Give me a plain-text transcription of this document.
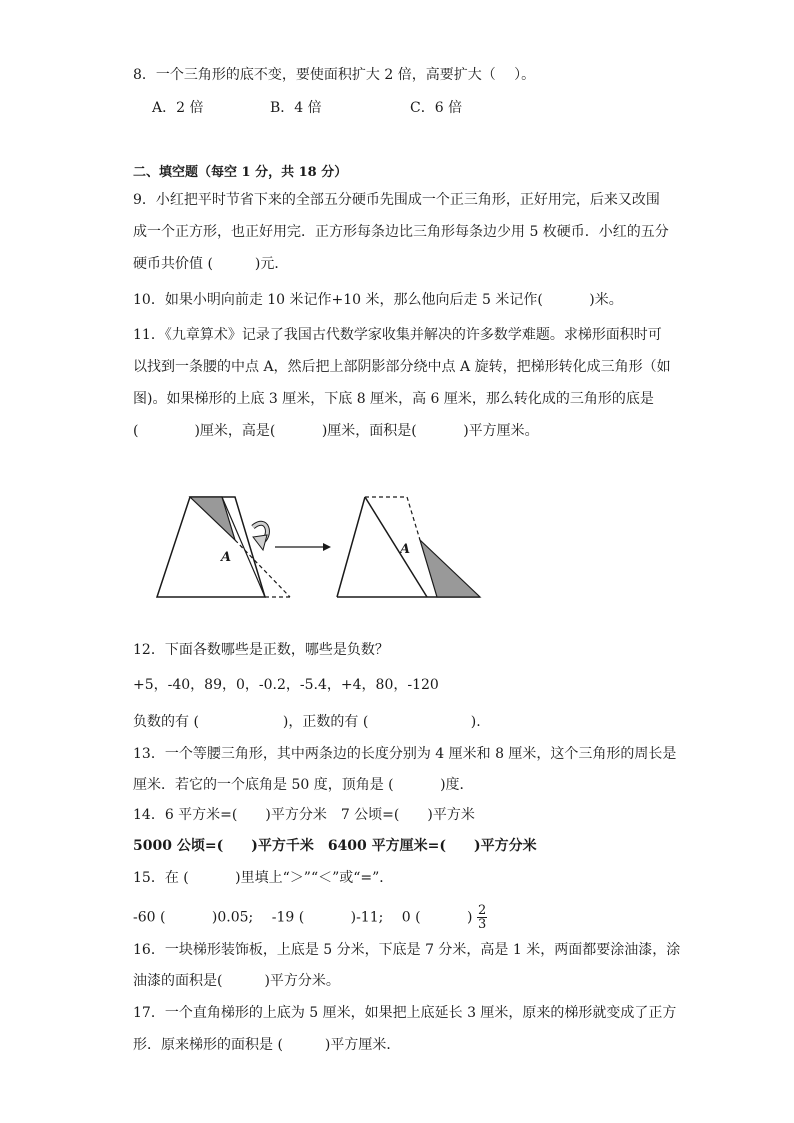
8．一个三角形的底不变，要使面积扩大 2 倍，高要扩大（　 ）。
A．2 倍	B．4 倍	C．6 倍
二、填空题（每空 1 分，共 18 分）
9．小红把平时节省下来的全部五分硬币先围成一个正三角形，正好用完，后来又改围
成一个正方形，也正好用完．正方形每条边比三角形每条边少用 5 枚硬币．小红的五分
硬币共价值 (　　　)元．
10．如果小明向前走 10 米记作+10 米，那么他向后走 5 米记作(　　　 )米。
11．《九章算术》记录了我国古代数学家收集并解决的许多数学难题。求梯形面积时可
以找到一条腰的中点 A，然后把上部阴影部分绕中点 A 旋转，把梯形转化成三角形（如
图)。如果梯形的上底 3 厘米，下底 8 厘米，高 6 厘米，那么转化成的三角形的底是
(　　　　)厘米，高是(　　　 )厘米，面积是(　　　 )平方厘米。
A
A
12．下面各数哪些是正数，哪些是负数？
+5，-40，89，0，-0.2，-5.4，+4，80，-120
负数的有 (　　　　　　)，正数的有 (　　　　　　　 ).
13．一个等腰三角形，其中两条边的长度分别为 4 厘米和 8 厘米，这个三角形的周长是
厘米．若它的一个底角是 50 度，顶角是 (　　　 )度．
14．6 平方米=(　　)平方分米　7 公顷=(　　)平方米
5000 公顷=(　　)平方千米　6400 平方厘米=(　　)平方分米
15．在 (　　　 )里填上“＞”“＜”或“=”．
-60 (　　　 )0.05;　 -19 (　　　 )-11;　 0 (　　　 ) $\frac{2}{3}$
16．一块梯形装饰板，上底是 5 分米，下底是 7 分米，高是 1 米，两面都要涂油漆，涂
油漆的面积是(　　　)平方分米。
17．一个直角梯形的上底为 5 厘米，如果把上底延长 3 厘米，原来的梯形就变成了正方
形．原来梯形的面积是 (　　　)平方厘米．
